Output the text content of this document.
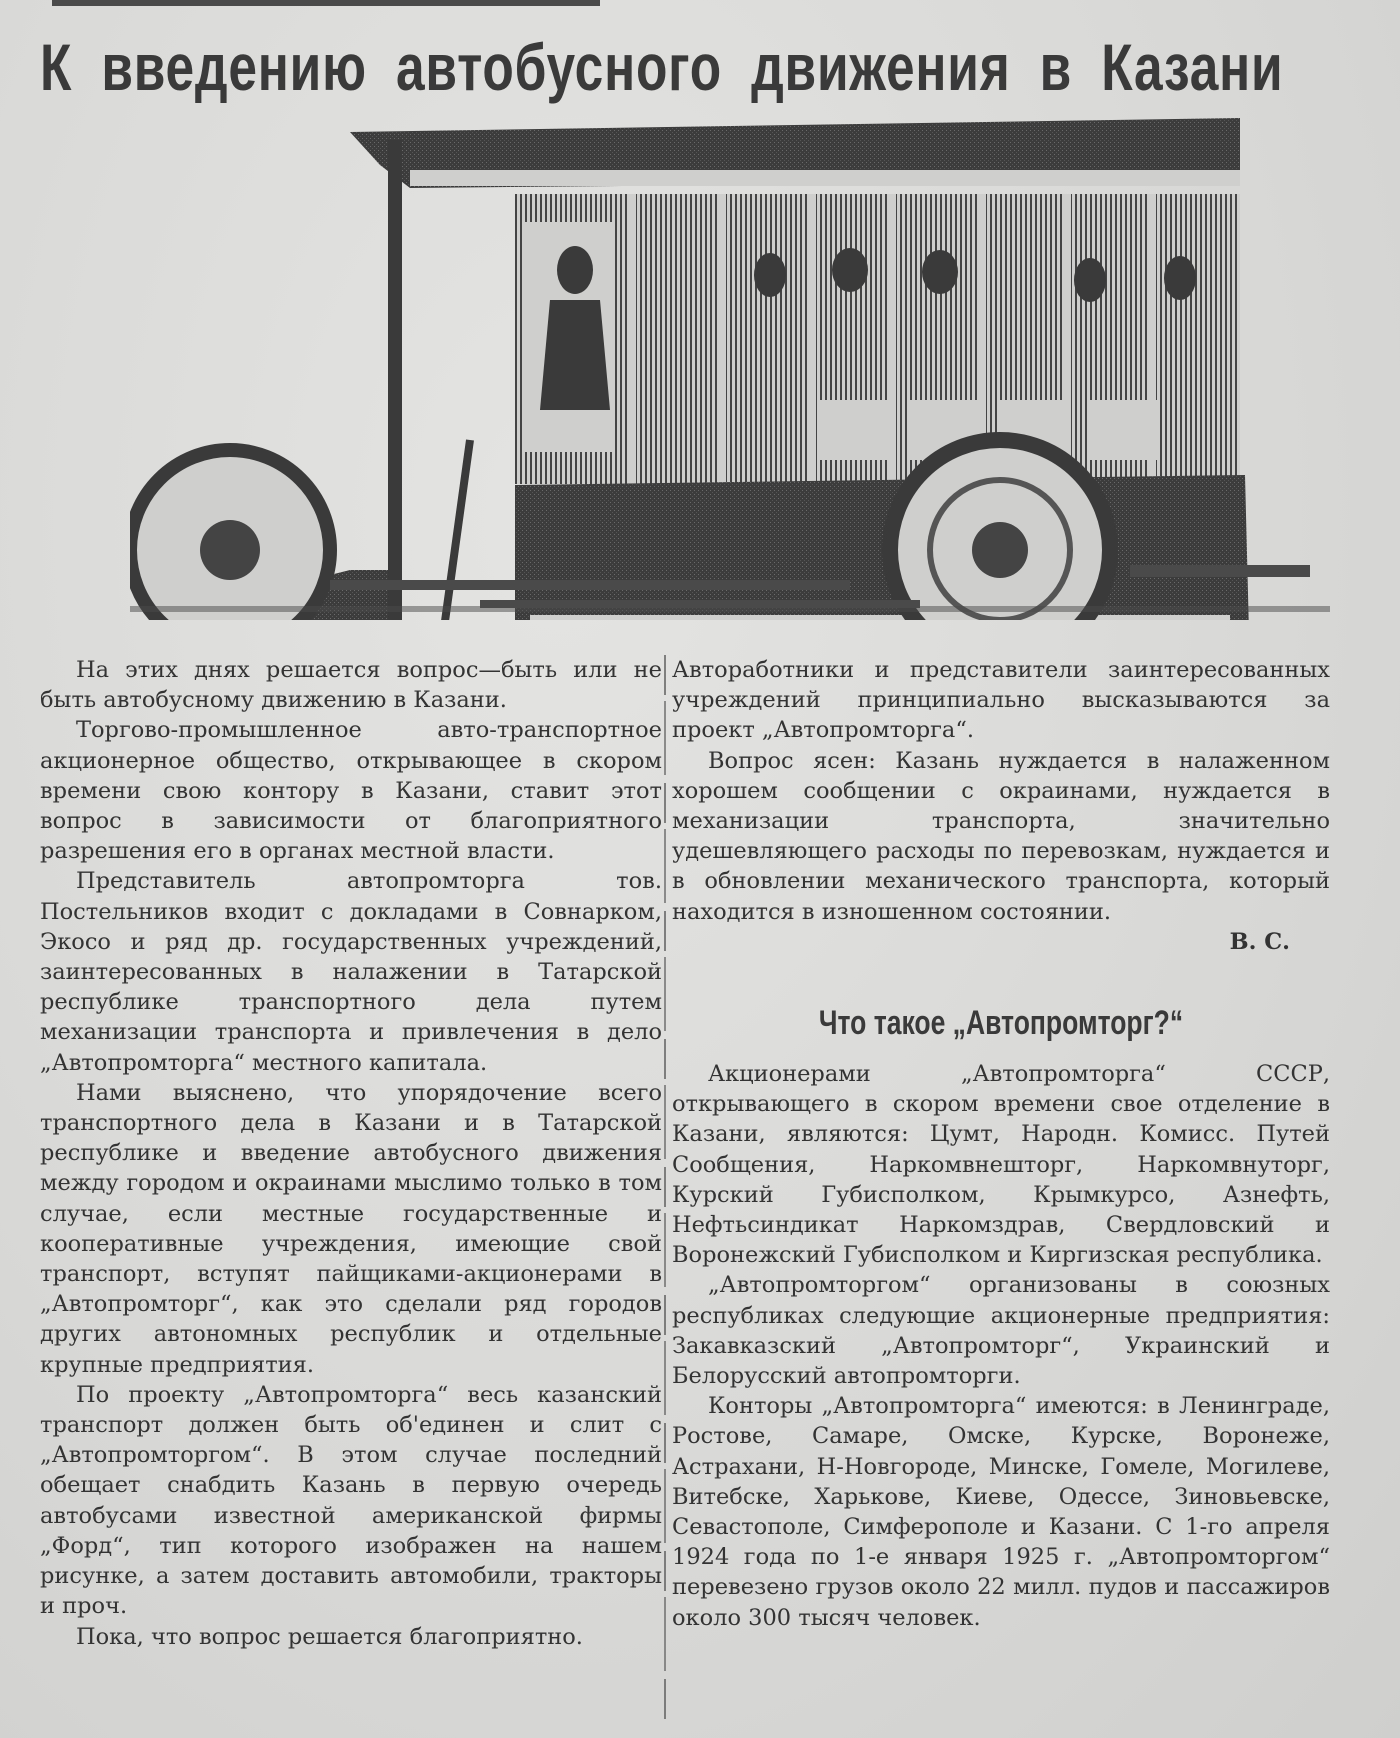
К введению автобусного движения в Казани

На этих днях решается вопрос—быть или не быть автобусному движению в Казани.

Торгово-промышленное авто-транспортное акционерное общество, открывающее в скором времени свою контору в Казани, ставит этот вопрос в зависимости от благоприятного разрешения его в органах местной власти.

Представитель автопромторга тов. Постельников входит с докладами в Совнарком, Экосо и ряд др. государственных учреждений, заинтересованных в налажении в Татарской республике транспортного дела путем механизации транспорта и привлечения в дело „Автопромторга“ местного капитала.

Нами выяснено, что упорядочение всего транспортного дела в Казани и в Татарской республике и введение автобусного движения между городом и окраинами мыслимо только в том случае, если местные государственные и кооперативные учреждения, имеющие свой транспорт, вступят пайщиками-акционерами в „Автопромторг“, как это сделали ряд городов других автономных республик и отдельные крупные предприятия.

По проекту „Автопромторга“ весь казанский транспорт должен быть об'единен и слит с „Автопромторгом“. В этом случае последний обещает снабдить Казань в первую очередь автобусами известной американской фирмы „Форд“, тип которого изображен на нашем рисунке, а затем доставить автомобили, тракторы и проч.

Пока, что вопрос решается благоприятно.

Автоработники и представители заинтересованных учреждений принципиально высказываются за проект „Автопромторга“.

Вопрос ясен: Казань нуждается в налаженном хорошем сообщении с окраинами, нуждается в механизации транспорта, значительно удешевляющего расходы по перевозкам, нуждается и в обновлении механического транспорта, который находится в изношенном состоянии.

В. С.

Что такое „Автопромторг?“

Акционерами „Автопромторга“ СССР, открывающего в скором времени свое отделение в Казани, являются: Цумт, Народн. Комисс. Путей Сообщения, Наркомвнешторг, Наркомвнуторг, Курский Губисполком, Крымкурсо, Азнефть, Нефтьсиндикат Наркомздрав, Свердловский и Воронежский Губисполком и Киргизская республика.

„Автопромторгом“ организованы в союзных республиках следующие акционерные предприятия: Закавказский „Автопромторг“, Украинский и Белорусский автопромторги.

Конторы „Автопромторга“ имеются: в Ленинграде, Ростове, Самаре, Омске, Курске, Воронеже, Астрахани, Н-Новгороде, Минске, Гомеле, Могилеве, Витебске, Харькове, Киеве, Одессе, Зиновьевске, Севастополе, Симферополе и Казани. С 1-го апреля 1924 года по 1-е января 1925 г. „Автопромторгом“ перевезено грузов около 22 милл. пудов и пассажиров около 300 тысяч человек.
